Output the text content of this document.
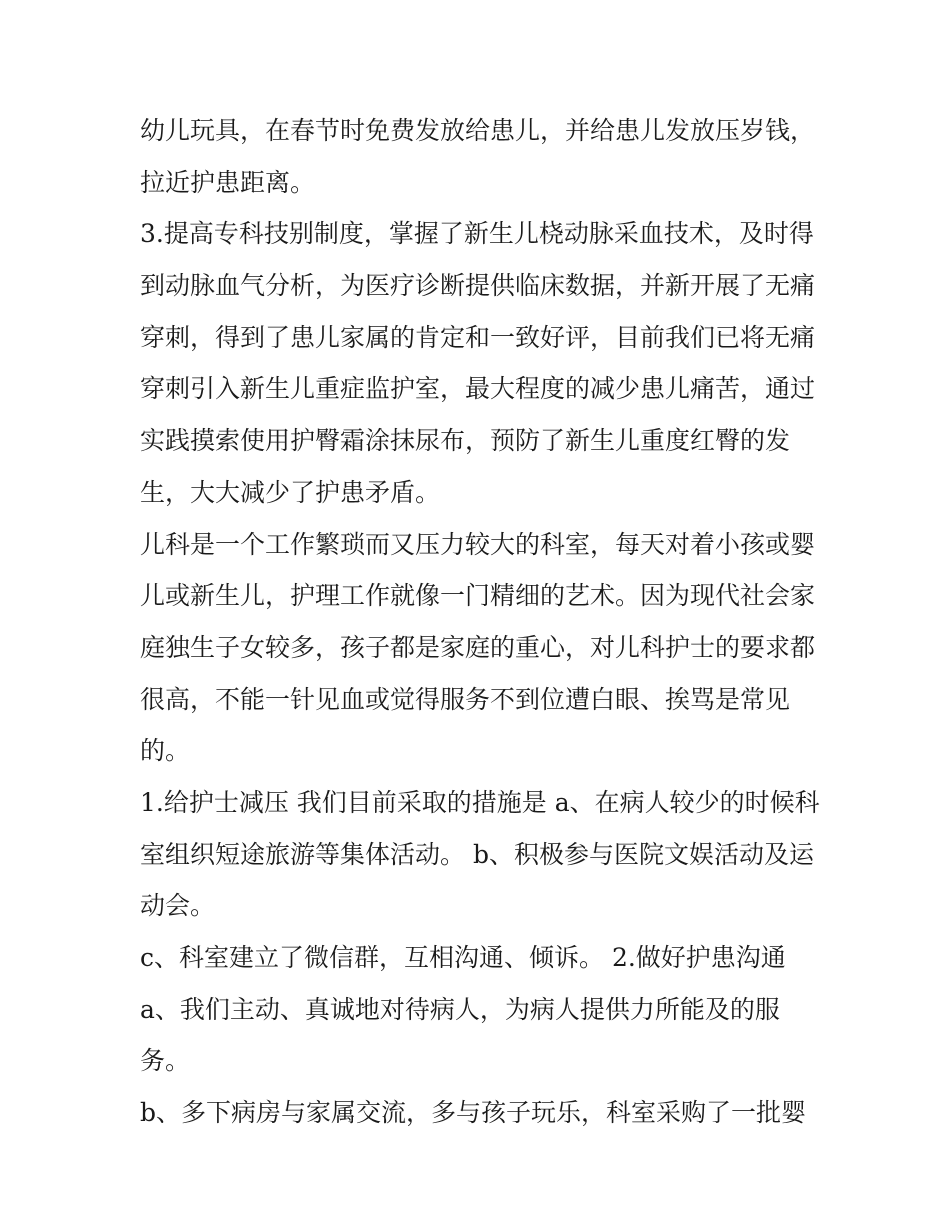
幼儿玩具，在春节时免费发放给患儿，并给患儿发放压岁钱，
拉近护患距离。
3.提高专科技别制度，掌握了新生儿桡动脉采血技术，及时得
到动脉血气分析，为医疗诊断提供临床数据，并新开展了无痛
穿刺，得到了患儿家属的肯定和一致好评，目前我们已将无痛
穿刺引入新生儿重症监护室，最大程度的减少患儿痛苦，通过
实践摸索使用护臀霜涂抹尿布，预防了新生儿重度红臀的发
生，大大减少了护患矛盾。
儿科是一个工作繁琐而又压力较大的科室，每天对着小孩或婴
儿或新生儿，护理工作就像一门精细的艺术。因为现代社会家
庭独生子女较多，孩子都是家庭的重心，对儿科护士的要求都
很高，不能一针见血或觉得服务不到位遭白眼、挨骂是常见
的。
1.给护士减压 我们目前采取的措施是 a、在病人较少的时候科
室组织短途旅游等集体活动。 b、积极参与医院文娱活动及运
动会。
c、科室建立了微信群，互相沟通、倾诉。 2.做好护患沟通
a、我们主动、真诚地对待病人，为病人提供力所能及的服
务。
b、多下病房与家属交流，多与孩子玩乐，科室采购了一批婴
